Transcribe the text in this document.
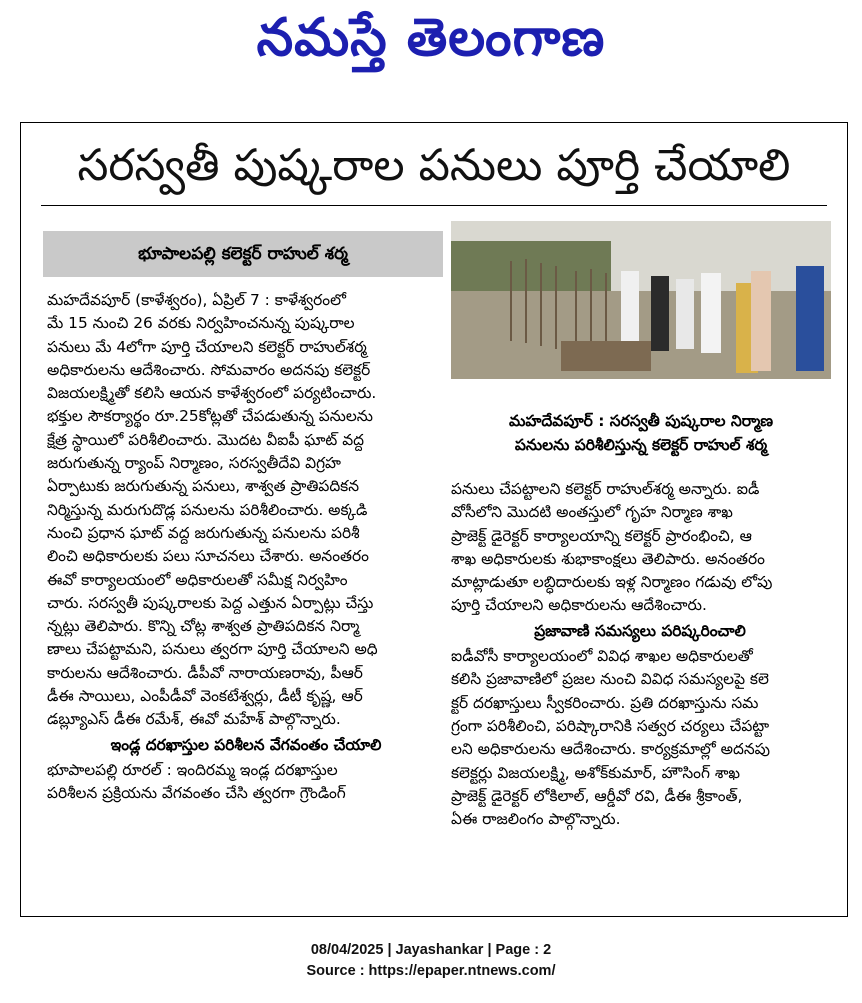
నమస్తే తెలంగాణ
సరస్వతీ పుష్కరాల పనులు పూర్తి చేయాలి
భూపాలపల్లి కలెక్టర్ రాహుల్ శర్మ

మహదేవపూర్ (కాళేశ్వరం), ఏప్రిల్ 7 : కాళేశ్వరంలో

మే 15 నుంచి 26 వరకు నిర్వహించనున్న పుష్కరాల

పనులు మే 4లోగా పూర్తి చేయాలని కలెక్టర్ రాహుల్‌శర్మ

అధికారులను ఆదేశించారు. సోమవారం అదనపు కలెక్టర్

విజయలక్ష్మితో కలిసి ఆయన కాళేశ్వరంలో పర్యటించారు.

భక్తుల సౌకర్యార్థం రూ.25కోట్లతో చేపడుతున్న పనులను

క్షేత్ర స్థాయిలో పరిశీలించారు. మొదట వీఐపీ ఘాట్ వద్ద

జరుగుతున్న ర్యాంప్ నిర్మాణం, సరస్వతీదేవి విగ్రహ

ఏర్పాటుకు జరుగుతున్న పనులు, శాశ్వత ప్రాతిపదికన

నిర్మిస్తున్న మరుగుదొడ్ల పనులను పరిశీలించారు. అక్కడి

నుంచి ప్రధాన ఘాట్ వద్ద జరుగుతున్న పనులను పరిశీ

లించి అధికారులకు పలు సూచనలు చేశారు. అనంతరం

ఈవో కార్యాలయంలో అధికారులతో సమీక్ష నిర్వహిం

చారు. సరస్వతీ పుష్కరాలకు పెద్ద ఎత్తున ఏర్పాట్లు చేస్తు

న్నట్లు తెలిపారు. కొన్ని చోట్ల శాశ్వత ప్రాతిపదికన నిర్మా

ణాలు చేపట్టామని, పనులు త్వరగా పూర్తి చేయాలని అధి

కారులను ఆదేశించారు. డీపీవో నారాయణరావు, పీఆర్

డీఈ సాయిలు, ఎంపీడీవో వెంకటేశ్వర్లు, డీటీ కృష్ణ, ఆర్

డబ్ల్యూఎస్ డీఈ రమేశ్, ఈవో మహేశ్ పాల్గొన్నారు.

ఇండ్ల దరఖాస్తుల పరిశీలన వేగవంతం చేయాలి

భూపాలపల్లి రూరల్ : ఇందిరమ్మ ఇండ్ల దరఖాస్తుల

పరిశీలన ప్రక్రియను వేగవంతం చేసి త్వరగా గ్రౌండింగ్

మహదేవపూర్ : సరస్వతీ పుష్కరాల నిర్మాణ
పనులను పరిశీలిస్తున్న కలెక్టర్ రాహుల్ శర్మ

పనులు చేపట్టాలని కలెక్టర్ రాహుల్‌శర్మ అన్నారు. ఐడీ

వోసీలోని మొదటి అంతస్తులో గృహ నిర్మాణ శాఖ

ప్రాజెక్ట్ డైరెక్టర్ కార్యాలయాన్ని కలెక్టర్ ప్రారంభించి, ఆ

శాఖ అధికారులకు శుభాకాంక్షలు తెలిపారు. అనంతరం

మాట్లాడుతూ లబ్ధిదారులకు ఇళ్ల నిర్మాణం గడువు లోపు

పూర్తి చేయాలని అధికారులను ఆదేశించారు.

ప్రజావాణి సమస్యలు పరిష్కరించాలి

ఐడీవోసీ కార్యాలయంలో వివిధ శాఖల అధికారులతో

కలిసి ప్రజావాణిలో ప్రజల నుంచి వివిధ సమస్యలపై కలె

క్టర్ దరఖాస్తులు స్వీకరించారు. ప్రతి దరఖాస్తును సమ

గ్రంగా పరిశీలించి, పరిష్కారానికి సత్వర చర్యలు చేపట్టా

లని అధికారులను ఆదేశించారు. కార్యక్రమాల్లో అదనపు

కలెక్టర్లు విజయలక్ష్మి, అశోక్‌కుమార్, హౌసింగ్ శాఖ

ప్రాజెక్ట్ డైరెక్టర్ లోకిలాల్, ఆర్డీవో రవి, డీఈ శ్రీకాంత్,

ఏఈ రాజలింగం పాల్గొన్నారు.

08/04/2025 | Jayashankar | Page : 2
Source : https://epaper.ntnews.com/
